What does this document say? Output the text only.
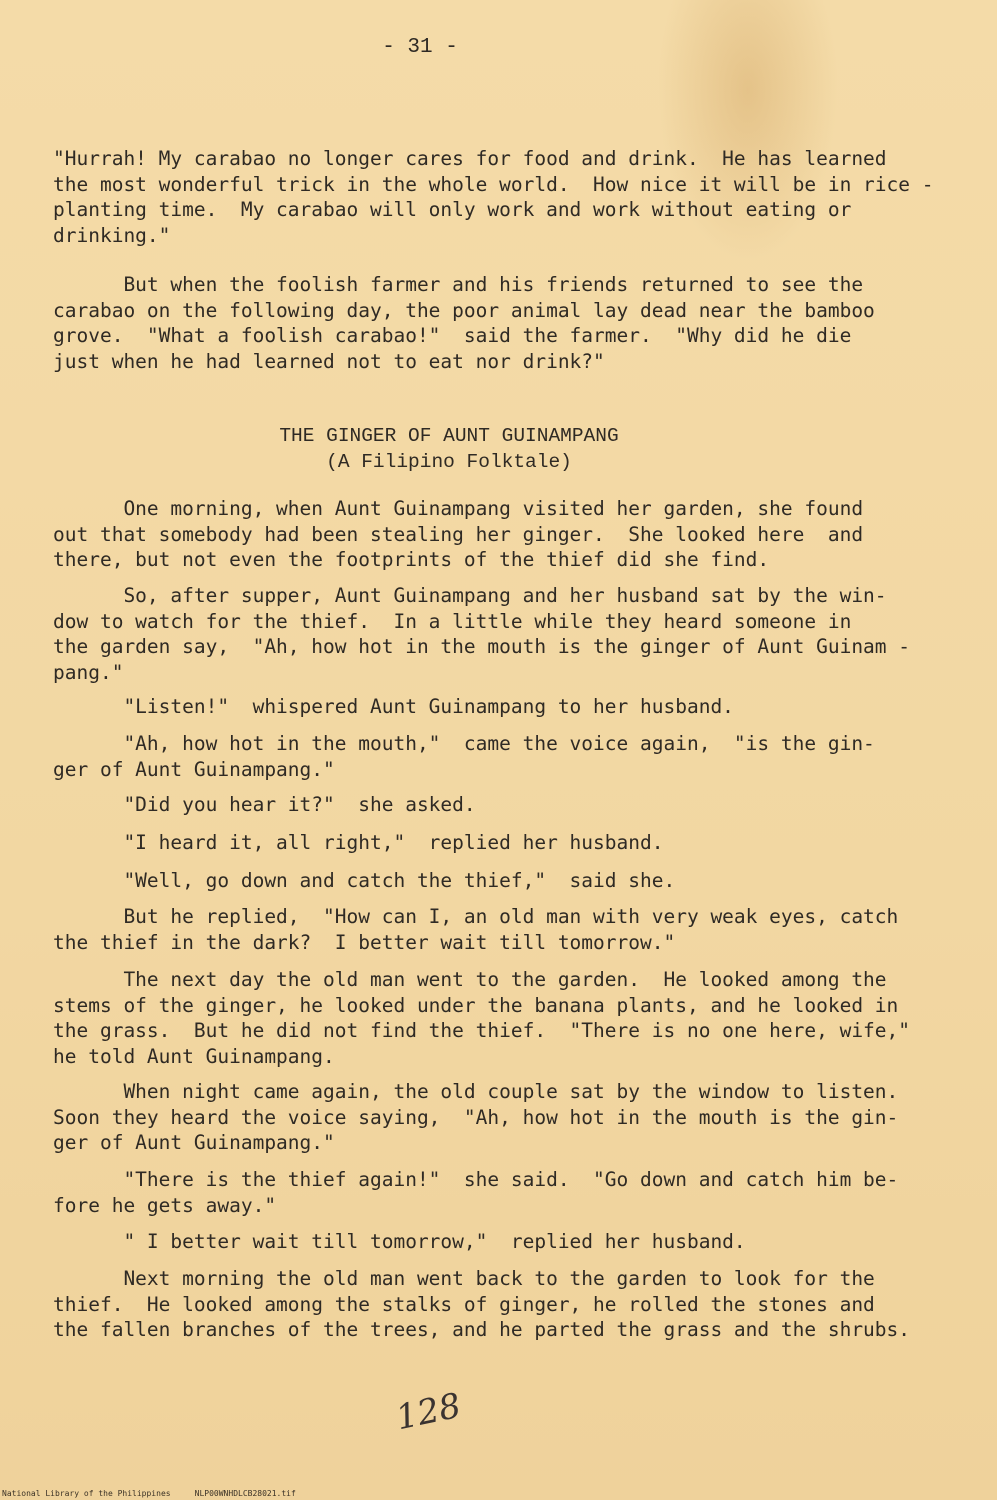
- 31 -
"Hurrah! My carabao no longer cares for food and drink.  He has learned
the most wonderful trick in the whole world.  How nice it will be in rice -
planting time.  My carabao will only work and work without eating or
drinking."
But when the foolish farmer and his friends returned to see the
carabao on the following day, the poor animal lay dead near the bamboo
grove.  "What a foolish carabao!"  said the farmer.  "Why did he die
just when he had learned not to eat nor drink?"
THE GINGER OF AUNT GUINAMPANG
(A Filipino Folktale)
One morning, when Aunt Guinampang visited her garden, she found
out that somebody had been stealing her ginger.  She looked here  and
there, but not even the footprints of the thief did she find.
So, after supper, Aunt Guinampang and her husband sat by the win-
dow to watch for the thief.  In a little while they heard someone in
the garden say,  "Ah, how hot in the mouth is the ginger of Aunt Guinam -
pang."
"Listen!"  whispered Aunt Guinampang to her husband.
"Ah, how hot in the mouth,"  came the voice again,  "is the gin-
ger of Aunt Guinampang."
"Did you hear it?"  she asked.
"I heard it, all right,"  replied her husband.
"Well, go down and catch the thief,"  said she.
But he replied,  "How can I, an old man with very weak eyes, catch
the thief in the dark?  I better wait till tomorrow."
The next day the old man went to the garden.  He looked among the
stems of the ginger, he looked under the banana plants, and he looked in
the grass.  But he did not find the thief.  "There is no one here, wife,"
he told Aunt Guinampang.
When night came again, the old couple sat by the window to listen.
Soon they heard the voice saying,  "Ah, how hot in the mouth is the gin-
ger of Aunt Guinampang."
"There is the thief again!"  she said.  "Go down and catch him be-
fore he gets away."
" I better wait till tomorrow,"  replied her husband.
Next morning the old man went back to the garden to look for the
thief.  He looked among the stalks of ginger, he rolled the stones and
the fallen branches of the trees, and he parted the grass and the shrubs.
128
National Library of the Philippines     NLP00WNHDLCB28021.tif
